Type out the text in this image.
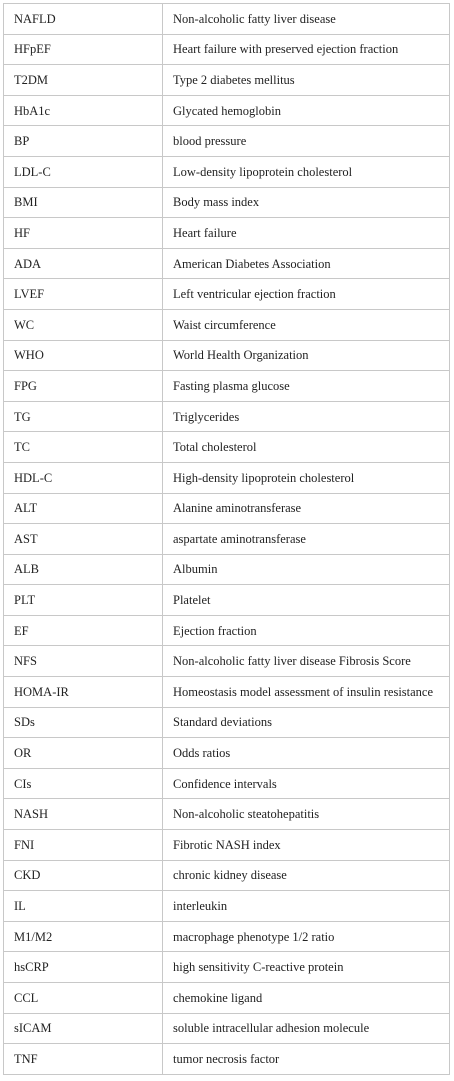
NAFLD	Non-alcoholic fatty liver disease
HFpEF	Heart failure with preserved ejection fraction
T2DM	Type 2 diabetes mellitus
HbA1c	Glycated hemoglobin
BP	blood pressure
LDL-C	Low-density lipoprotein cholesterol
BMI	Body mass index
HF	Heart failure
ADA	American Diabetes Association
LVEF	Left ventricular ejection fraction
WC	Waist circumference
WHO	World Health Organization
FPG	Fasting plasma glucose
TG	Triglycerides
TC	Total cholesterol
HDL-C	High-density lipoprotein cholesterol
ALT	Alanine aminotransferase
AST	aspartate aminotransferase
ALB	Albumin
PLT	Platelet
EF	Ejection fraction
NFS	Non-alcoholic fatty liver disease Fibrosis Score
HOMA-IR	Homeostasis model assessment of insulin resistance
SDs	Standard deviations
OR	Odds ratios
CIs	Confidence intervals
NASH	Non-alcoholic steatohepatitis
FNI	Fibrotic NASH index
CKD	chronic kidney disease
IL	interleukin
M1/M2	macrophage phenotype 1/2 ratio
hsCRP	high sensitivity C-reactive protein
CCL	chemokine ligand
sICAM	soluble intracellular adhesion molecule
TNF	tumor necrosis factor
